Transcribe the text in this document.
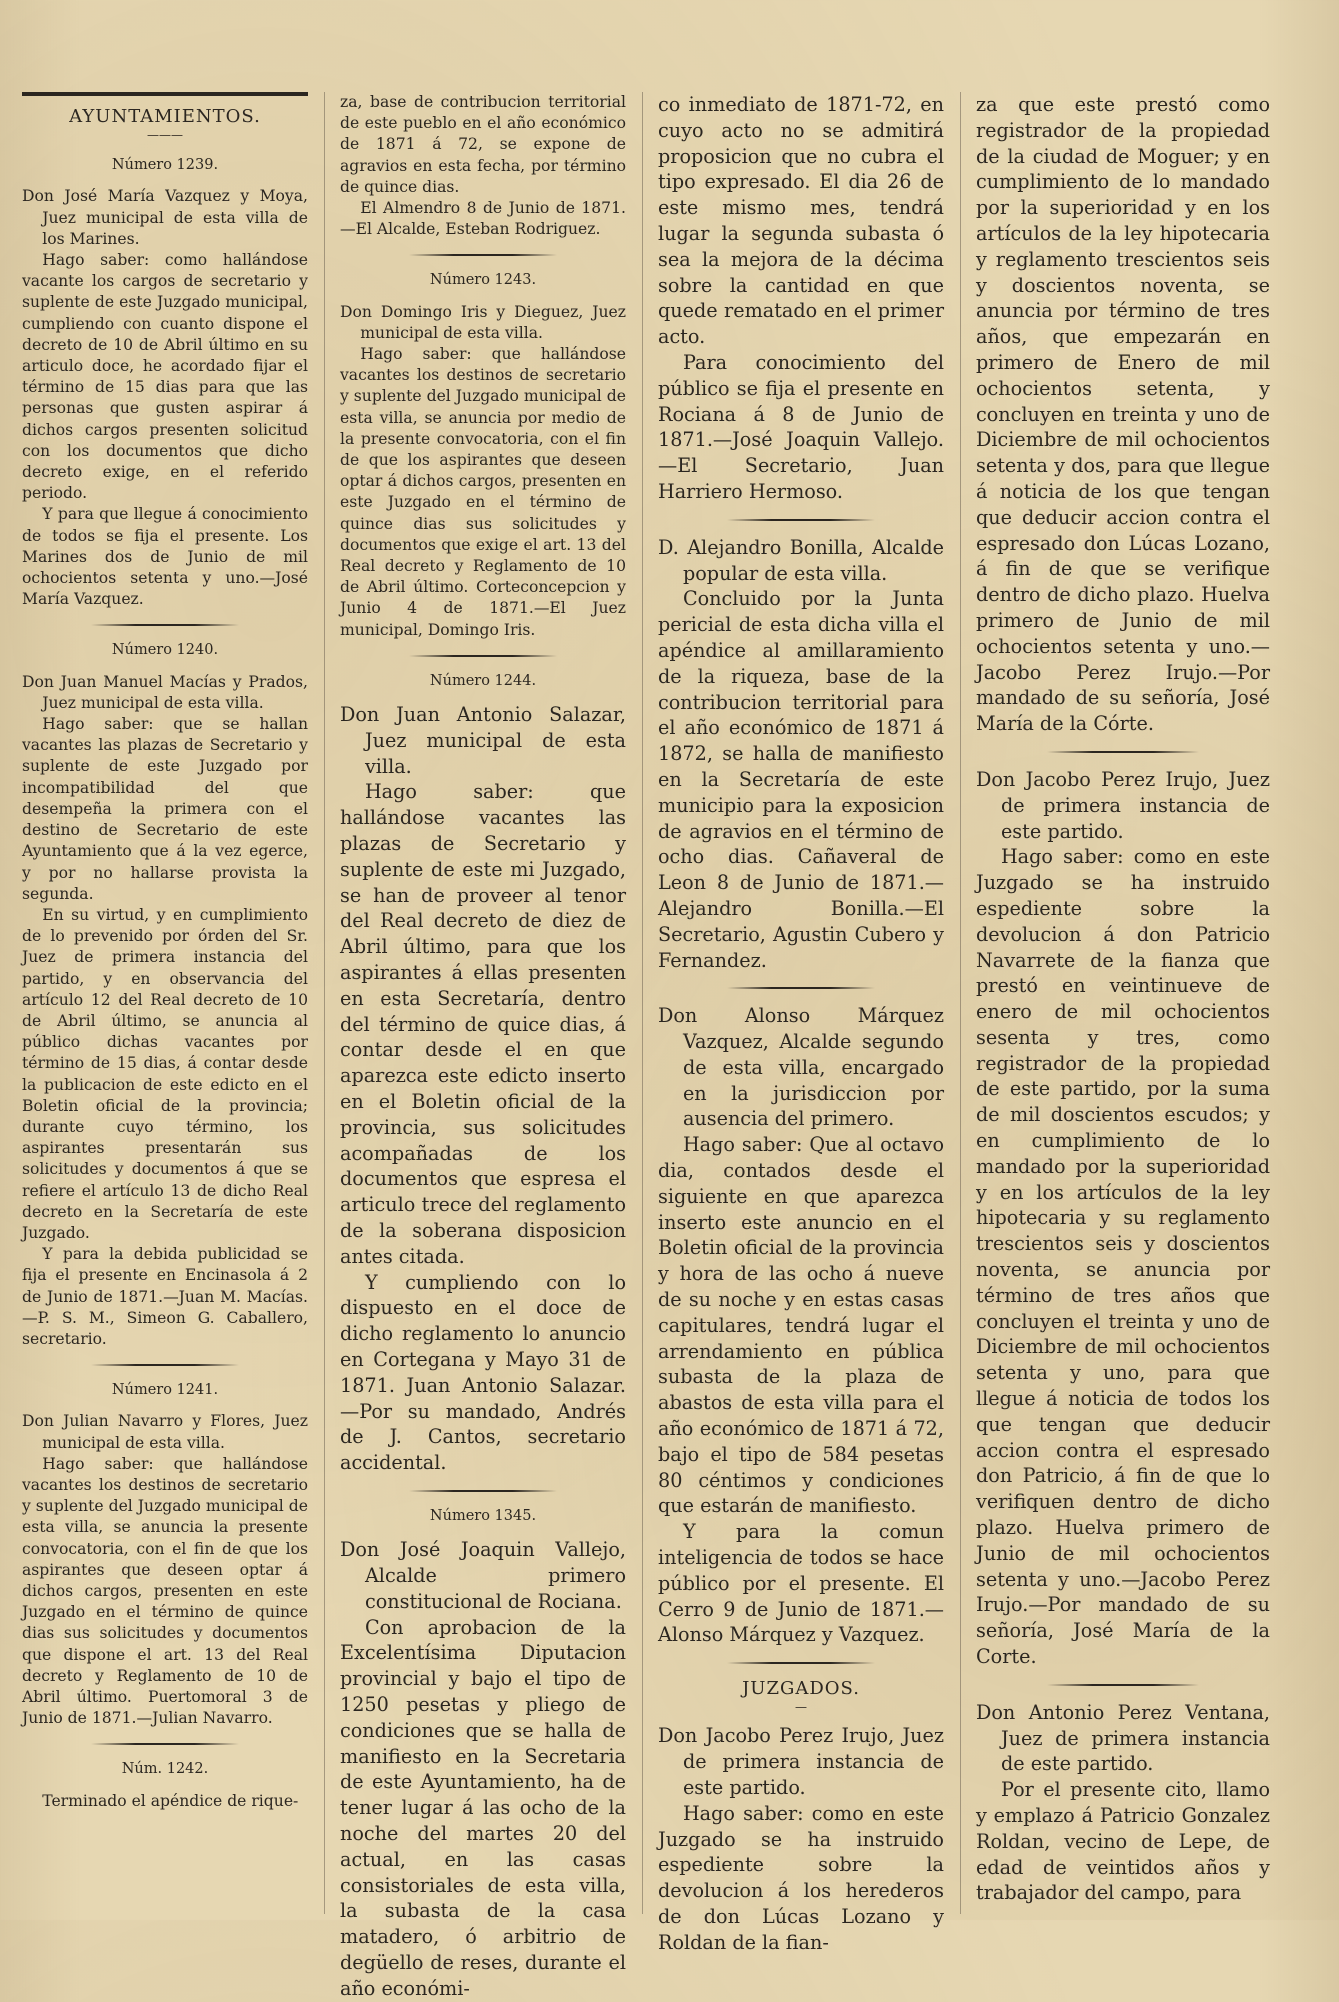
AYUNTAMIENTOS.
———
Número 1239.

Don José María Vazquez y Moya, Juez municipal de esta villa de los Marines.

Hago saber: como hallándose vacante los cargos de secretario y suplente de este Juzgado municipal, cumpliendo con cuanto dispone el decreto de 10 de Abril último en su articulo doce, he acordado fijar el término de 15 dias para que las personas que gusten aspirar á dichos cargos presenten solicitud con los documentos que dicho decreto exige, en el referido periodo.

Y para que llegue á conocimiento de todos se fija el presente. Los Marines dos de Junio de mil ochocientos setenta y uno.—José María Vazquez.

Número 1240.

Don Juan Manuel Macías y Prados, Juez municipal de esta villa.

Hago saber: que se hallan vacantes las plazas de Secretario y suplente de este Juzgado por incompatibilidad del que desempeña la primera con el destino de Secretario de este Ayuntamiento que á la vez egerce, y por no hallarse provista la segunda.

En su virtud, y en cumplimiento de lo prevenido por órden del Sr. Juez de primera instancia del partido, y en observancia del artículo 12 del Real decreto de 10 de Abril último, se anuncia al público dichas vacantes por término de 15 dias, á contar desde la publicacion de este edicto en el Boletin oficial de la provincia; durante cuyo término, los aspirantes presentarán sus solicitudes y documentos á que se refiere el artículo 13 de dicho Real decreto en la Secretaría de este Juzgado.

Y para la debida publicidad se fija el presente en Encinasola á 2 de Junio de 1871.—Juan M. Macías.—P. S. M., Simeon G. Caballero, secretario.

Número 1241.

Don Julian Navarro y Flores, Juez municipal de esta villa.

Hago saber: que hallándose vacantes los destinos de secretario y suplente del Juzgado municipal de esta villa, se anuncia la presente convocatoria, con el fin de que los aspirantes que deseen optar á dichos cargos, presenten en este Juzgado en el término de quince dias sus solicitudes y documentos que dispone el art. 13 del Real decreto y Reglamento de 10 de Abril último. Puertomoral 3 de Junio de 1871.—Julian Navarro.

Núm. 1242.

Terminado el apéndice de rique-

za, base de contribucion territorial de este pueblo en el año económico de 1871 á 72, se expone de agravios en esta fecha, por término de quince dias.

El Almendro 8 de Junio de 1871.—El Alcalde, Esteban Rodriguez.

Número 1243.

Don Domingo Iris y Dieguez, Juez municipal de esta villa.

Hago saber: que hallándose vacantes los destinos de secretario y suplente del Juzgado municipal de esta villa, se anuncia por medio de la presente convocatoria, con el fin de que los aspirantes que deseen optar á dichos cargos, presenten en este Juzgado en el término de quince dias sus solicitudes y documentos que exige el art. 13 del Real decreto y Reglamento de 10 de Abril último. Corteconcepcion y Junio 4 de 1871.—El Juez municipal, Domingo Iris.

Número 1244.

Don Juan Antonio Salazar, Juez municipal de esta villa.

Hago saber: que hallándose vacantes las plazas de Secretario y suplente de este mi Juzgado, se han de proveer al tenor del Real decreto de diez de Abril último, para que los aspirantes á ellas presenten en esta Secretaría, dentro del término de quice dias, á contar desde el en que aparezca este edicto inserto en el Boletin oficial de la provincia, sus solicitudes acompañadas de los documentos que espresa el articulo trece del reglamento de la soberana disposicion antes citada.

Y cumpliendo con lo dispuesto en el doce de dicho reglamento lo anuncio en Cortegana y Mayo 31 de 1871. Juan Antonio Salazar.—Por su mandado, Andrés de J. Cantos, secretario accidental.

Número 1345.

Don José Joaquin Vallejo, Alcalde primero constitucional de Rociana.

Con aprobacion de la Excelentísima Diputacion provincial y bajo el tipo de 1250 pesetas y pliego de condiciones que se halla de manifiesto en la Secretaria de este Ayuntamiento, ha de tener lugar á las ocho de la noche del martes 20 del actual, en las casas consistoriales de esta villa, la subasta de la casa matadero, ó arbitrio de degüello de reses, durante el año económi-

co inmediato de 1871-72, en cuyo acto no se admitirá proposicion que no cubra el tipo expresado. El dia 26 de este mismo mes, tendrá lugar la segunda subasta ó sea la mejora de la décima sobre la cantidad en que quede rematado en el primer acto.

Para conocimiento del público se fija el presente en Rociana á 8 de Junio de 1871.—José Joaquin Vallejo.—El Secretario, Juan Harriero Hermoso.

D. Alejandro Bonilla, Alcalde popular de esta villa.

Concluido por la Junta pericial de esta dicha villa el apéndice al amillaramiento de la riqueza, base de la contribucion territorial para el año económico de 1871 á 1872, se halla de manifiesto en la Secretaría de este municipio para la exposicion de agravios en el término de ocho dias. Cañaveral de Leon 8 de Junio de 1871.—Alejandro Bonilla.—El Secretario, Agustin Cubero y Fernandez.

Don Alonso Márquez Vazquez, Alcalde segundo de esta villa, encargado en la jurisdiccion por ausencia del primero.

Hago saber: Que al octavo dia, contados desde el siguiente en que aparezca inserto este anuncio en el Boletin oficial de la provincia y hora de las ocho á nueve de su noche y en estas casas capitulares, tendrá lugar el arrendamiento en pública subasta de la plaza de abastos de esta villa para el año económico de 1871 á 72, bajo el tipo de 584 pesetas 80 céntimos y condiciones que estarán de manifiesto.

Y para la comun inteligencia de todos se hace público por el presente. El Cerro 9 de Junio de 1871.—Alonso Márquez y Vazquez.

JUZGADOS.
—

Don Jacobo Perez Irujo, Juez de primera instancia de este partido.

Hago saber: como en este Juzgado se ha instruido espediente sobre la devolucion á los herederos de don Lúcas Lozano y Roldan de la fian-

za que este prestó como registrador de la propiedad de la ciudad de Moguer; y en cumplimiento de lo mandado por la superioridad y en los artículos de la ley hipotecaria y reglamento trescientos seis y doscientos noventa, se anuncia por término de tres años, que empezarán en primero de Enero de mil ochocientos setenta, y concluyen en treinta y uno de Diciembre de mil ochocientos setenta y dos, para que llegue á noticia de los que tengan que deducir accion contra el espresado don Lúcas Lozano, á fin de que se verifique dentro de dicho plazo. Huelva primero de Junio de mil ochocientos setenta y uno.—Jacobo Perez Irujo.—Por mandado de su señoría, José María de la Córte.

Don Jacobo Perez Irujo, Juez de primera instancia de este partido.

Hago saber: como en este Juzgado se ha instruido espediente sobre la devolucion á don Patricio Navarrete de la fianza que prestó en veintinueve de enero de mil ochocientos sesenta y tres, como registrador de la propiedad de este partido, por la suma de mil doscientos escudos; y en cumplimiento de lo mandado por la superioridad y en los artículos de la ley hipotecaria y su reglamento trescientos seis y doscientos noventa, se anuncia por término de tres años que concluyen el treinta y uno de Diciembre de mil ochocientos setenta y uno, para que llegue á noticia de todos los que tengan que deducir accion contra el espresado don Patricio, á fin de que lo verifiquen dentro de dicho plazo. Huelva primero de Junio de mil ochocientos setenta y uno.—Jacobo Perez Irujo.—Por mandado de su señoría, José María de la Corte.

Don Antonio Perez Ventana, Juez de primera instancia de este partido.

Por el presente cito, llamo y emplazo á Patricio Gonzalez Roldan, vecino de Lepe, de edad de veintidos años y trabajador del campo, para
